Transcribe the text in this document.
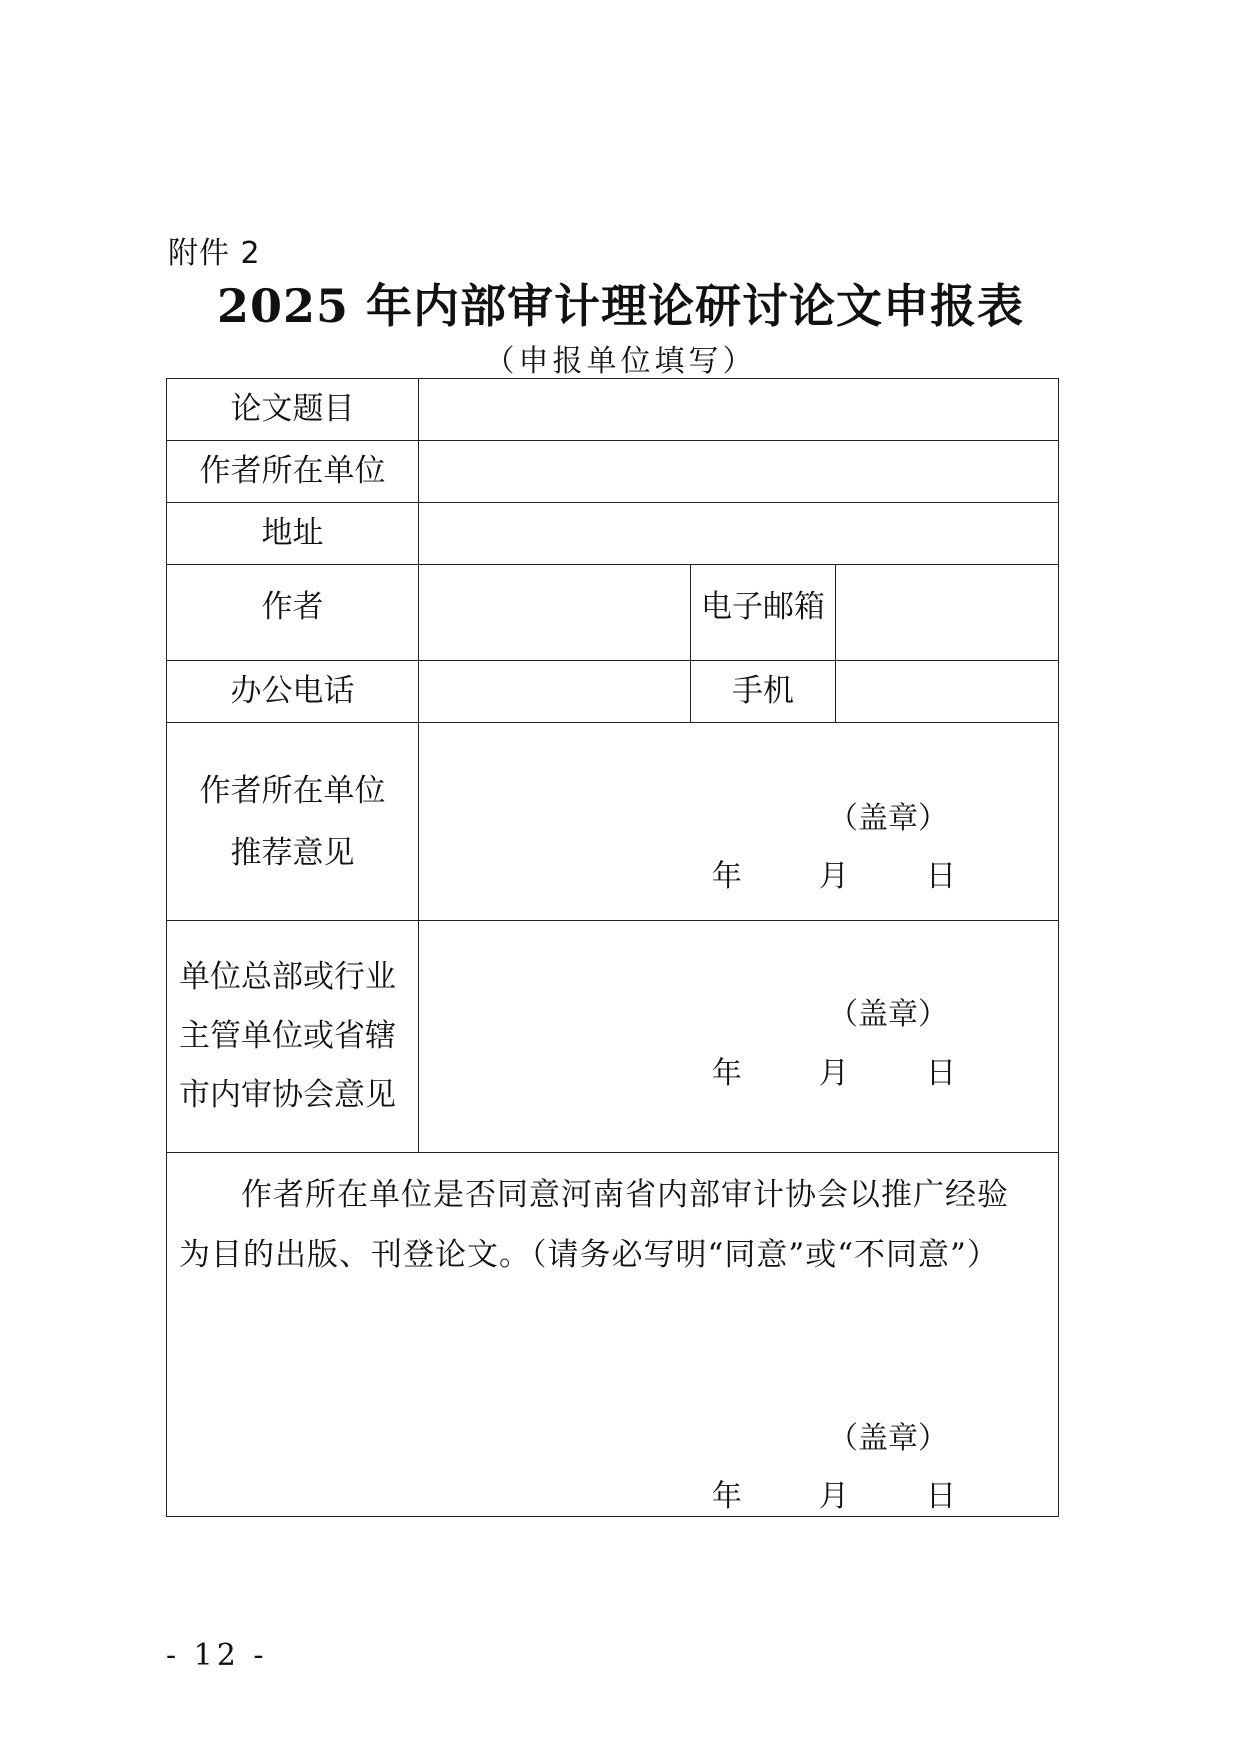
附件 2
2025 年内部审计理论研讨论文申报表
（申报单位填写）
论文题目			
作者所在单位			
地址			
作者		电子邮箱	
办公电话		手机	

作者所在单位
推荐意见	（盖章）
年  月  日		

单位总部或行业
主管单位或省辖
市内审协会意见	（盖章）
年  月  日		

作者所在单位是否同意河南省内部审计协会以推广经验为目的出版、刊登论文。（请务必写明“同意”或“不同意”）
（盖章）
年  月  日			
- 12 -
